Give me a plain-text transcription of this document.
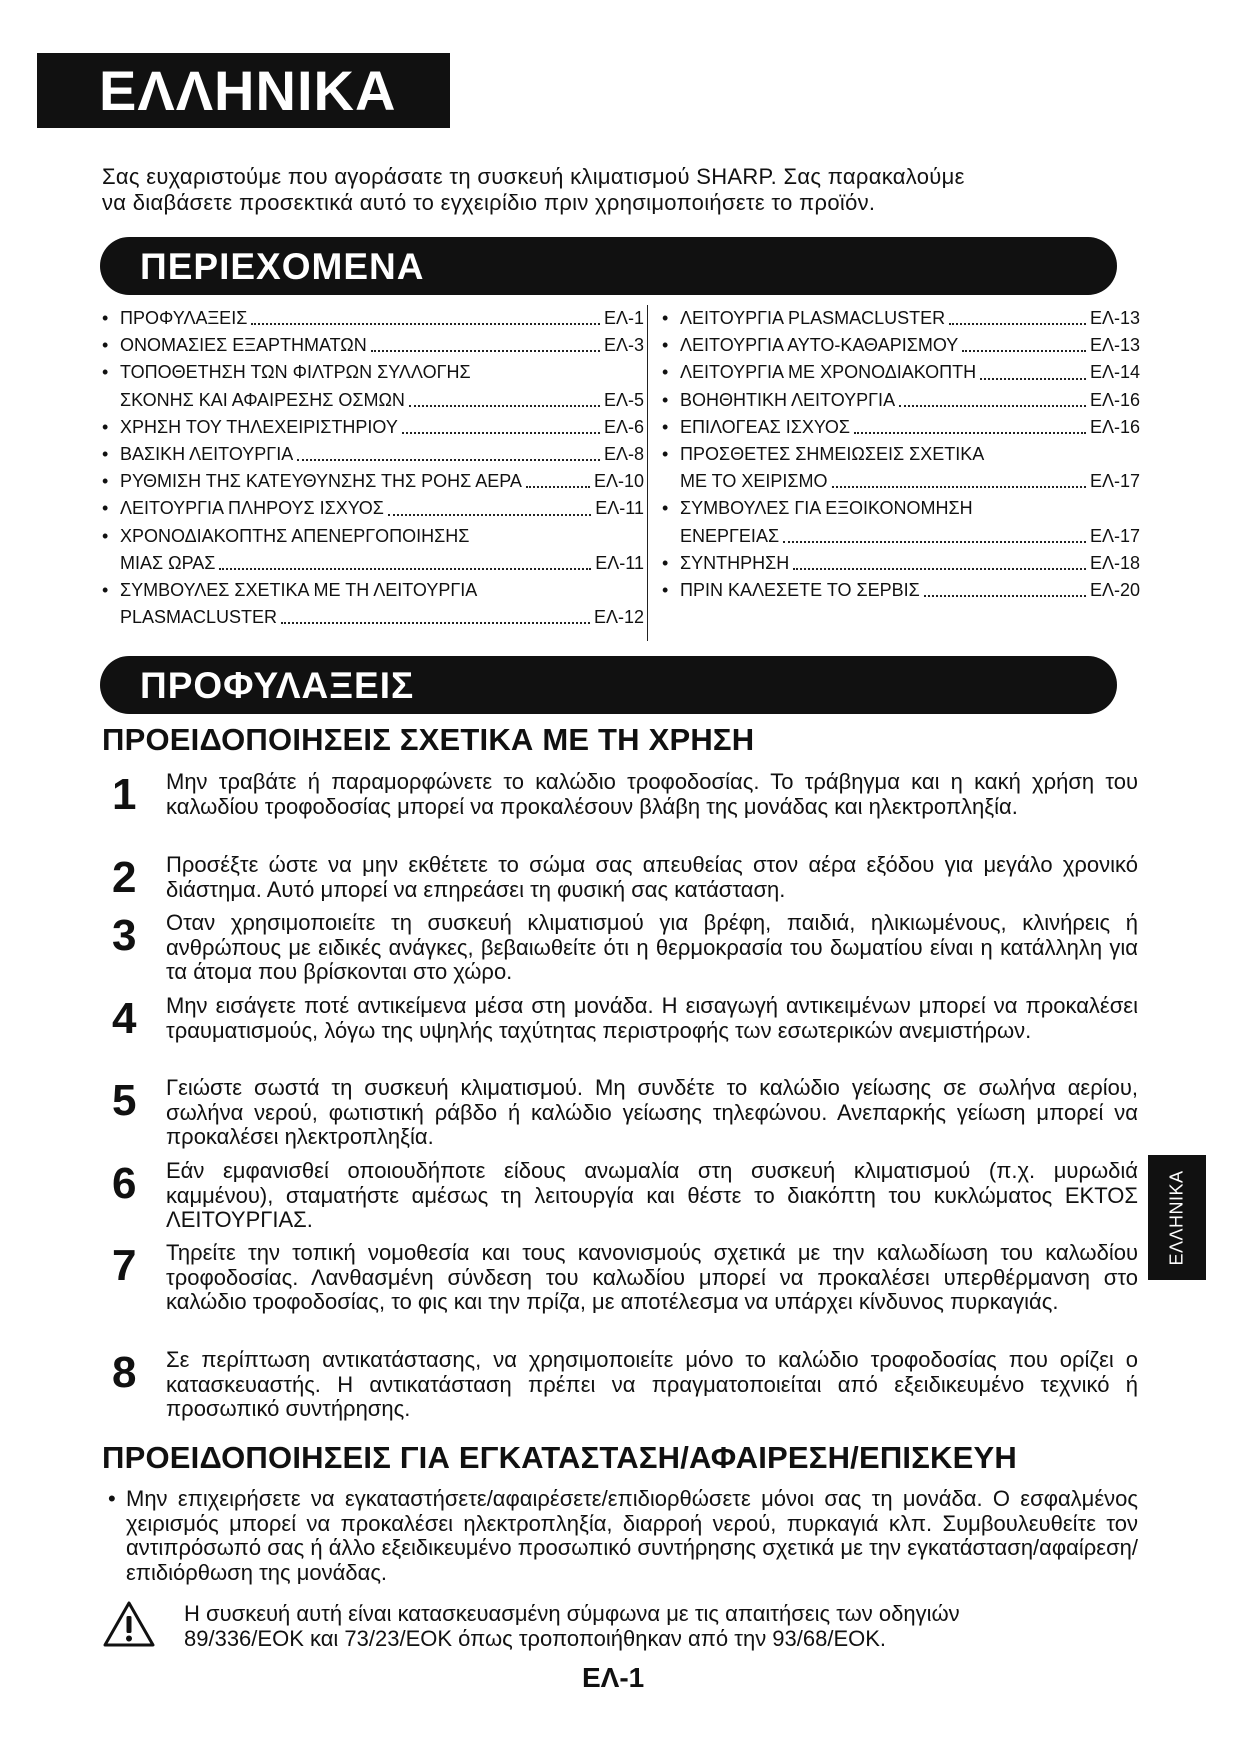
ΕΛΛΗΝΙΚΑ
Σας ευχαριστούμε που αγοράσατε τη συσκευή κλιματισμού SHARP. Σας παρακαλούμε
να διαβάσετε προσεκτικά αυτό το εγχειρίδιο πριν χρησιμοποιήσετε το προϊόν.
ΠΕΡΙΕΧΟΜΕΝΑ
• ΠΡΟΦΥΛΑΞΕΙΣ	ΕΛ-1
• ΟΝΟΜΑΣΙΕΣ ΕΞΑΡΤΗΜΑΤΩΝ	ΕΛ-3
• ΤΟΠΟΘΕΤΗΣΗ ΤΩΝ ΦΙΛΤΡΩΝ ΣΥΛΛΟΓΗΣ
ΣΚΟΝΗΣ ΚΑΙ ΑΦΑΙΡΕΣΗΣ ΟΣΜΩΝ	ΕΛ-5
• ΧΡΗΣΗ ΤΟΥ ΤΗΛΕΧΕΙΡΙΣΤΗΡΙΟΥ	ΕΛ-6
• ΒΑΣΙΚΗ ΛΕΙΤΟΥΡΓΙΑ	ΕΛ-8
• ΡΥΘΜΙΣΗ ΤΗΣ ΚΑΤΕΥΘΥΝΣΗΣ ΤΗΣ ΡΟΗΣ ΑΕΡΑ	ΕΛ-10
• ΛΕΙΤΟΥΡΓΙΑ ΠΛΗΡΟΥΣ ΙΣΧΥΟΣ	ΕΛ-11
• ΧΡΟΝΟΔΙΑΚΟΠΤΗΣ ΑΠΕΝΕΡΓΟΠΟΙΗΣΗΣ
ΜΙΑΣ ΩΡΑΣ	ΕΛ-11
• ΣΥΜΒΟΥΛΕΣ ΣΧΕΤΙΚΑ ΜΕ ΤΗ ΛΕΙΤΟΥΡΓΙΑ
PLASMACLUSTER	ΕΛ-12
• ΛΕΙΤΟΥΡΓΙΑ PLASMACLUSTER	ΕΛ-13
• ΛΕΙΤΟΥΡΓΙΑ ΑΥΤΟ-ΚΑΘΑΡΙΣΜΟΥ	ΕΛ-13
• ΛΕΙΤΟΥΡΓΙΑ ΜΕ ΧΡΟΝΟΔΙΑΚΟΠΤΗ	ΕΛ-14
• ΒΟΗΘΗΤΙΚΗ ΛΕΙΤΟΥΡΓΙΑ	ΕΛ-16
• ΕΠΙΛΟΓΕΑΣ ΙΣΧΥΟΣ	ΕΛ-16
• ΠΡΟΣΘΕΤΕΣ ΣΗΜΕΙΩΣΕΙΣ ΣΧΕΤΙΚΑ
ΜΕ ΤΟ ΧΕΙΡΙΣΜΟ	ΕΛ-17
• ΣΥΜΒΟΥΛΕΣ ΓΙΑ ΕΞΟΙΚΟΝΟΜΗΣΗ
ΕΝΕΡΓΕΙΑΣ	ΕΛ-17
• ΣΥΝΤΗΡΗΣΗ	ΕΛ-18
• ΠΡΙΝ ΚΑΛΕΣΕΤΕ ΤΟ ΣΕΡΒΙΣ	ΕΛ-20
ΠΡΟΦΥΛΑΞΕΙΣ
ΠΡΟΕΙΔΟΠΟΙΗΣΕΙΣ ΣΧΕΤΙΚΑ ΜΕ ΤΗ ΧΡΗΣΗ
1 Μην τραβάτε ή παραμορφώνετε το καλώδιο τροφοδοσίας. Το τράβηγμα και η κακή χρήση του καλωδίου τροφοδοσίας μπορεί να προκαλέσουν βλάβη της μονάδας και ηλεκτροπληξία.
2 Προσέξτε ώστε να μην εκθέτετε το σώμα σας απευθείας στον αέρα εξόδου για μεγάλο χρονικό διάστημα. Αυτό μπορεί να επηρεάσει τη φυσική σας κατάσταση.
3 Οταν χρησιμοποιείτε τη συσκευή κλιματισμού για βρέφη, παιδιά, ηλικιωμένους, κλινήρεις ή ανθρώπους με ειδικές ανάγκες, βεβαιωθείτε ότι η θερμοκρασία του δωματίου είναι η κατάλληλη για τα άτομα που βρίσκονται στο χώρο.
4 Μην εισάγετε ποτέ αντικείμενα μέσα στη μονάδα. Η εισαγωγή αντικειμένων μπορεί να προκαλέσει τραυματισμούς, λόγω της υψηλής ταχύτητας περιστροφής των εσωτερικών ανεμιστήρων.
5 Γειώστε σωστά τη συσκευή κλιματισμού. Μη συνδέτε το καλώδιο γείωσης σε σωλήνα αερίου, σωλήνα νερού, φωτιστική ράβδο ή καλώδιο γείωσης τηλεφώνου. Ανεπαρκής γείωση μπορεί να προκαλέσει ηλεκτροπληξία.
6 Εάν εμφανισθεί οποιουδήποτε είδους ανωμαλία στη συσκευή κλιματισμού (π.χ. μυρωδιά καμμένου), σταματήστε αμέσως τη λειτουργία και θέστε το διακόπτη του κυκλώματος ΕΚΤΟΣ ΛΕΙΤΟΥΡΓΙΑΣ.
7 Τηρείτε την τοπική νομοθεσία και τους κανονισμούς σχετικά με την καλωδίωση του καλωδίου τροφοδοσίας. Λανθασμένη σύνδεση του καλωδίου μπορεί να προκαλέσει υπερθέρμανση στο καλώδιο τροφοδοσίας, το φις και την πρίζα, με αποτέλεσμα να υπάρχει κίνδυνος πυρκαγιάς.
8 Σε περίπτωση αντικατάστασης, να χρησιμοποιείτε μόνο το καλώδιο τροφοδοσίας που ορίζει ο κατασκευαστής. Η αντικατάσταση πρέπει να πραγματοποιείται από εξειδικευμένο τεχνικό ή προσωπικό συντήρησης.
ΠΡΟΕΙΔΟΠΟΙΗΣΕΙΣ ΓΙΑ ΕΓΚΑΤΑΣΤΑΣΗ/ΑΦΑΙΡΕΣΗ/ΕΠΙΣΚΕΥΗ
• Μην επιχειρήσετε να εγκαταστήσετε/αφαιρέσετε/επιδιορθώσετε μόνοι σας τη μονάδα. Ο εσφαλμένος χειρισμός μπορεί να προκαλέσει ηλεκτροπληξία, διαρροή νερού, πυρκαγιά κλπ. Συμβουλευθείτε τον αντιπρόσωπό σας ή άλλο εξειδικευμένο προσωπικό συντήρησης σχετικά με την εγκατάσταση/αφαίρεση/επιδιόρθωση της μονάδας.
Η συσκευή αυτή είναι κατασκευασμένη σύμφωνα με τις απαιτήσεις των οδηγιών
89/336/ΕΟΚ και 73/23/ΕΟΚ όπως τροποποιήθηκαν από την 93/68/ΕΟΚ.
ΕΛ-1
ΕΛΛΗΝΙΚΑ
